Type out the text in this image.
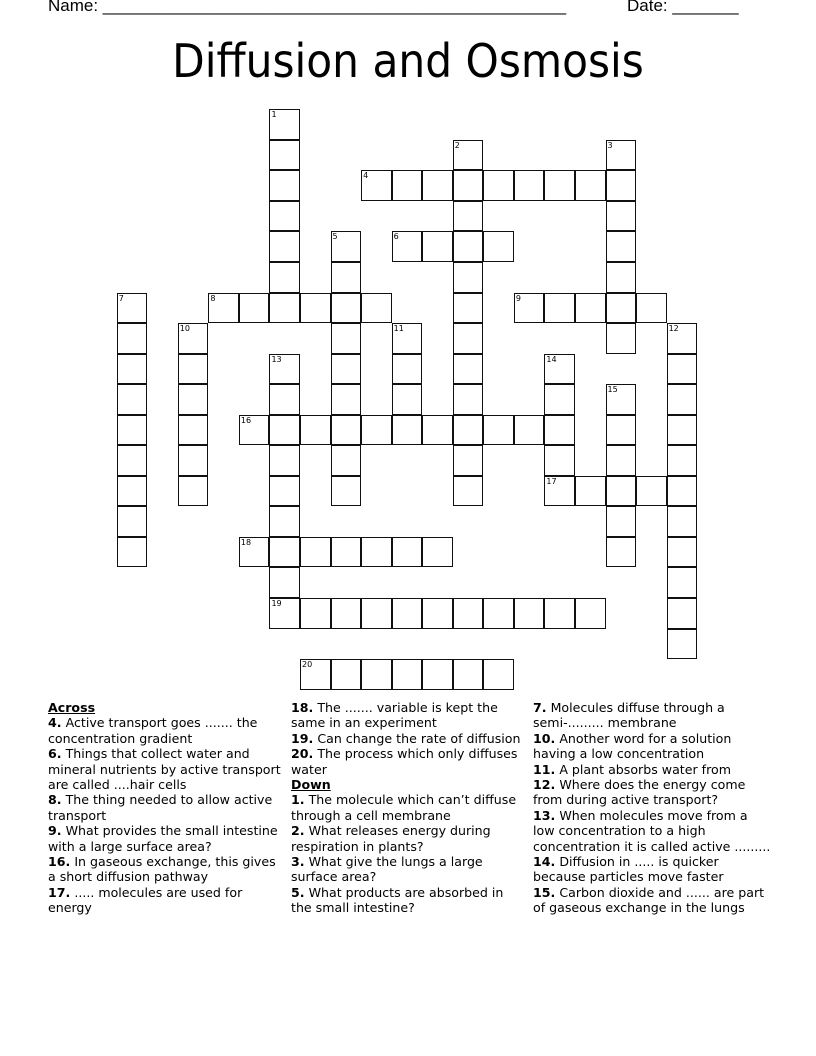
Name: _________________________________________________	Date: _______
Diffusion and Osmosis
1
2	3
4
5	6
7	8	9
10	11	12
13
19
14
17
15
16
18
20
Across
4. Active transport goes ....... the concentration gradient
6. Things that collect water and mineral nutrients by active transport are called ....hair cells
8. The thing needed to allow active transport
9. What provides the small intestine with a large surface area?
16. In gaseous exchange, this gives a short diffusion pathway
17. ..... molecules are used for energy
18. The ....... variable is kept the same in an experiment
19. Can change the rate of diffusion
20. The process which only diffuses water
Down
1. The molecule which can’t diffuse through a cell membrane
2. What releases energy during respiration in plants?
3. What give the lungs a large surface area?
5. What products are absorbed in the small intestine?
7. Molecules diffuse through a semi-......... membrane
10. Another word for a solution having a low concentration
11. A plant absorbs water from
12. Where does the energy come from during active transport?
13. When molecules move from a low concentration to a high concentration it is called active .........
14. Diffusion in ..... is quicker because particles move faster
15. Carbon dioxide and ...... are part of gaseous exchange in the lungs
